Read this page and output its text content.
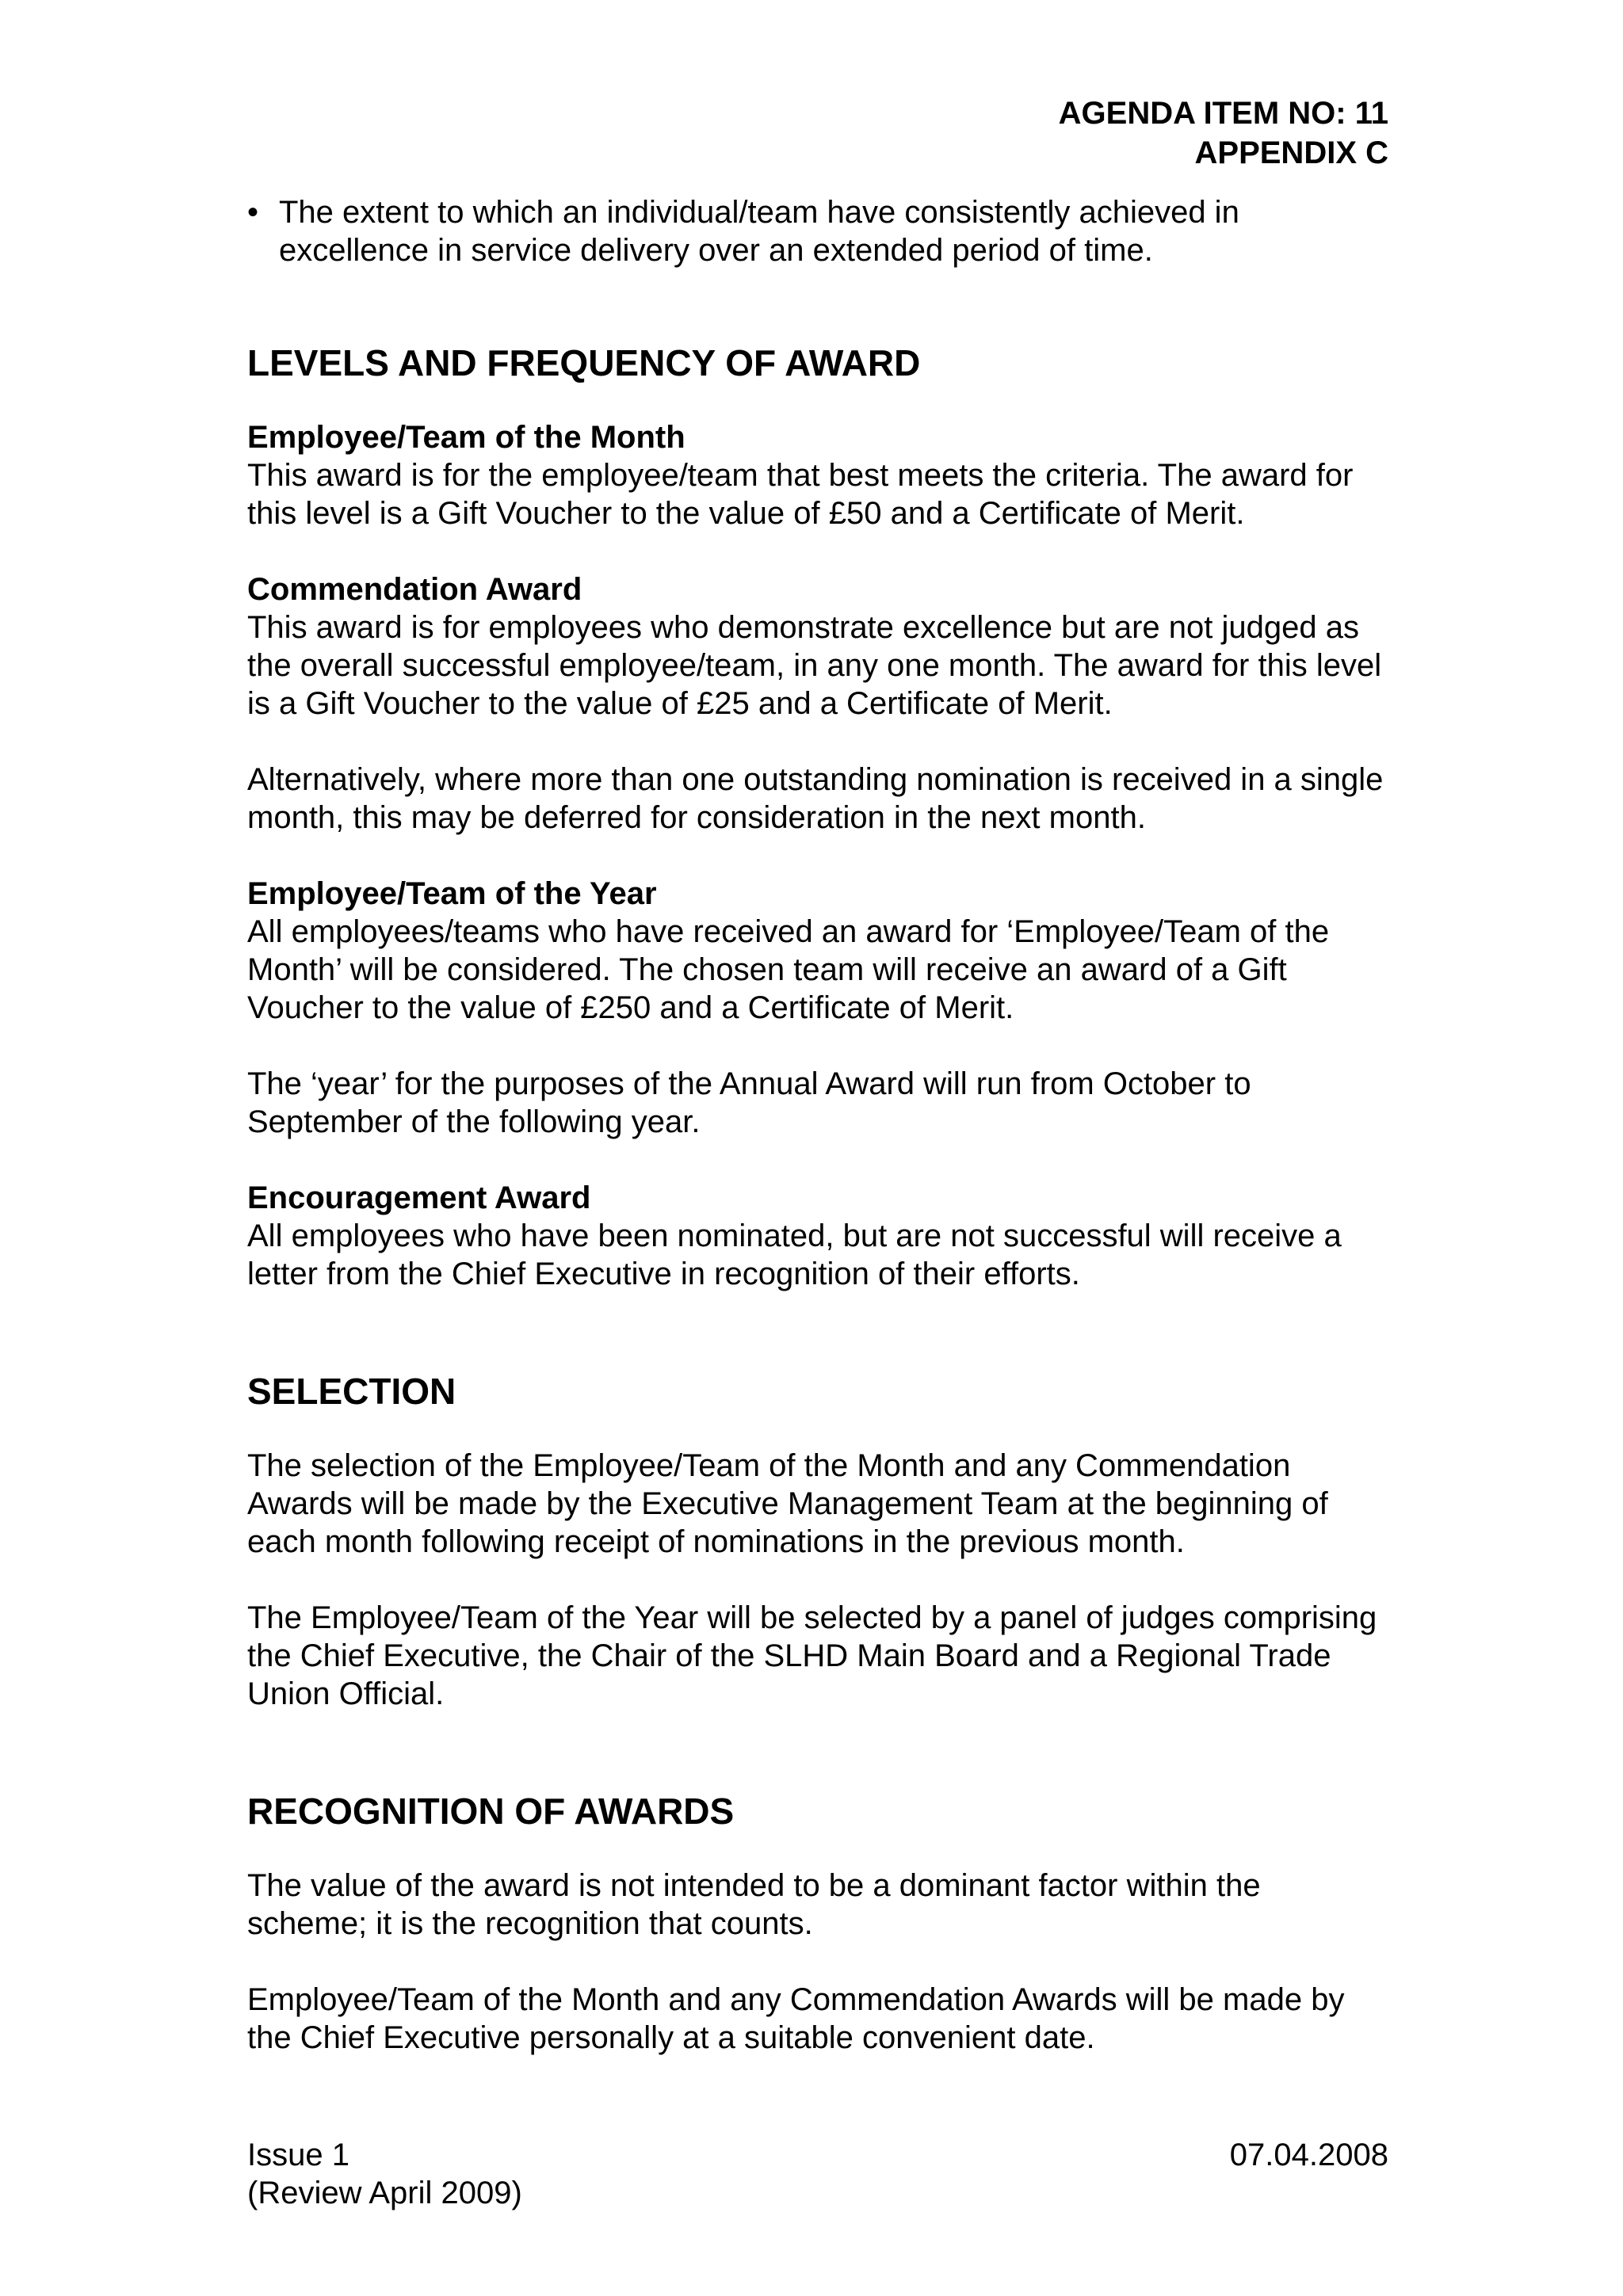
AGENDA ITEM NO: 11
APPENDIX C
• The extent to which an individual/team have consistently achieved in excellence in service delivery over an extended period of time.
LEVELS AND FREQUENCY OF AWARD

Employee/Team of the Month

This award is for the employee/team that best meets the criteria. The award for this level is a Gift Voucher to the value of £50 and a Certificate of Merit.

Commendation Award

This award is for employees who demonstrate excellence but are not judged as the overall successful employee/team, in any one month. The award for this level is a Gift Voucher to the value of £25 and a Certificate of Merit.

Alternatively, where more than one outstanding nomination is received in a single month, this may be deferred for consideration in the next month.

Employee/Team of the Year

All employees/teams who have received an award for ‘Employee/Team of the Month’ will be considered. The chosen team will receive an award of a Gift Voucher to the value of £250 and a Certificate of Merit.

The ‘year’ for the purposes of the Annual Award will run from October to September of the following year.

Encouragement Award

All employees who have been nominated, but are not successful will receive a letter from the Chief Executive in recognition of their efforts.

SELECTION

The selection of the Employee/Team of the Month and any Commendation Awards will be made by the Executive Management Team at the beginning of each month following receipt of nominations in the previous month.

The Employee/Team of the Year will be selected by a panel of judges comprising the Chief Executive, the Chair of the SLHD Main Board and a Regional Trade Union Official.

RECOGNITION OF AWARDS

The value of the award is not intended to be a dominant factor within the scheme; it is the recognition that counts.

Employee/Team of the Month and any Commendation Awards will be made by the Chief Executive personally at a suitable convenient date.

Issue 1
(Review April 2009)
07.04.2008
